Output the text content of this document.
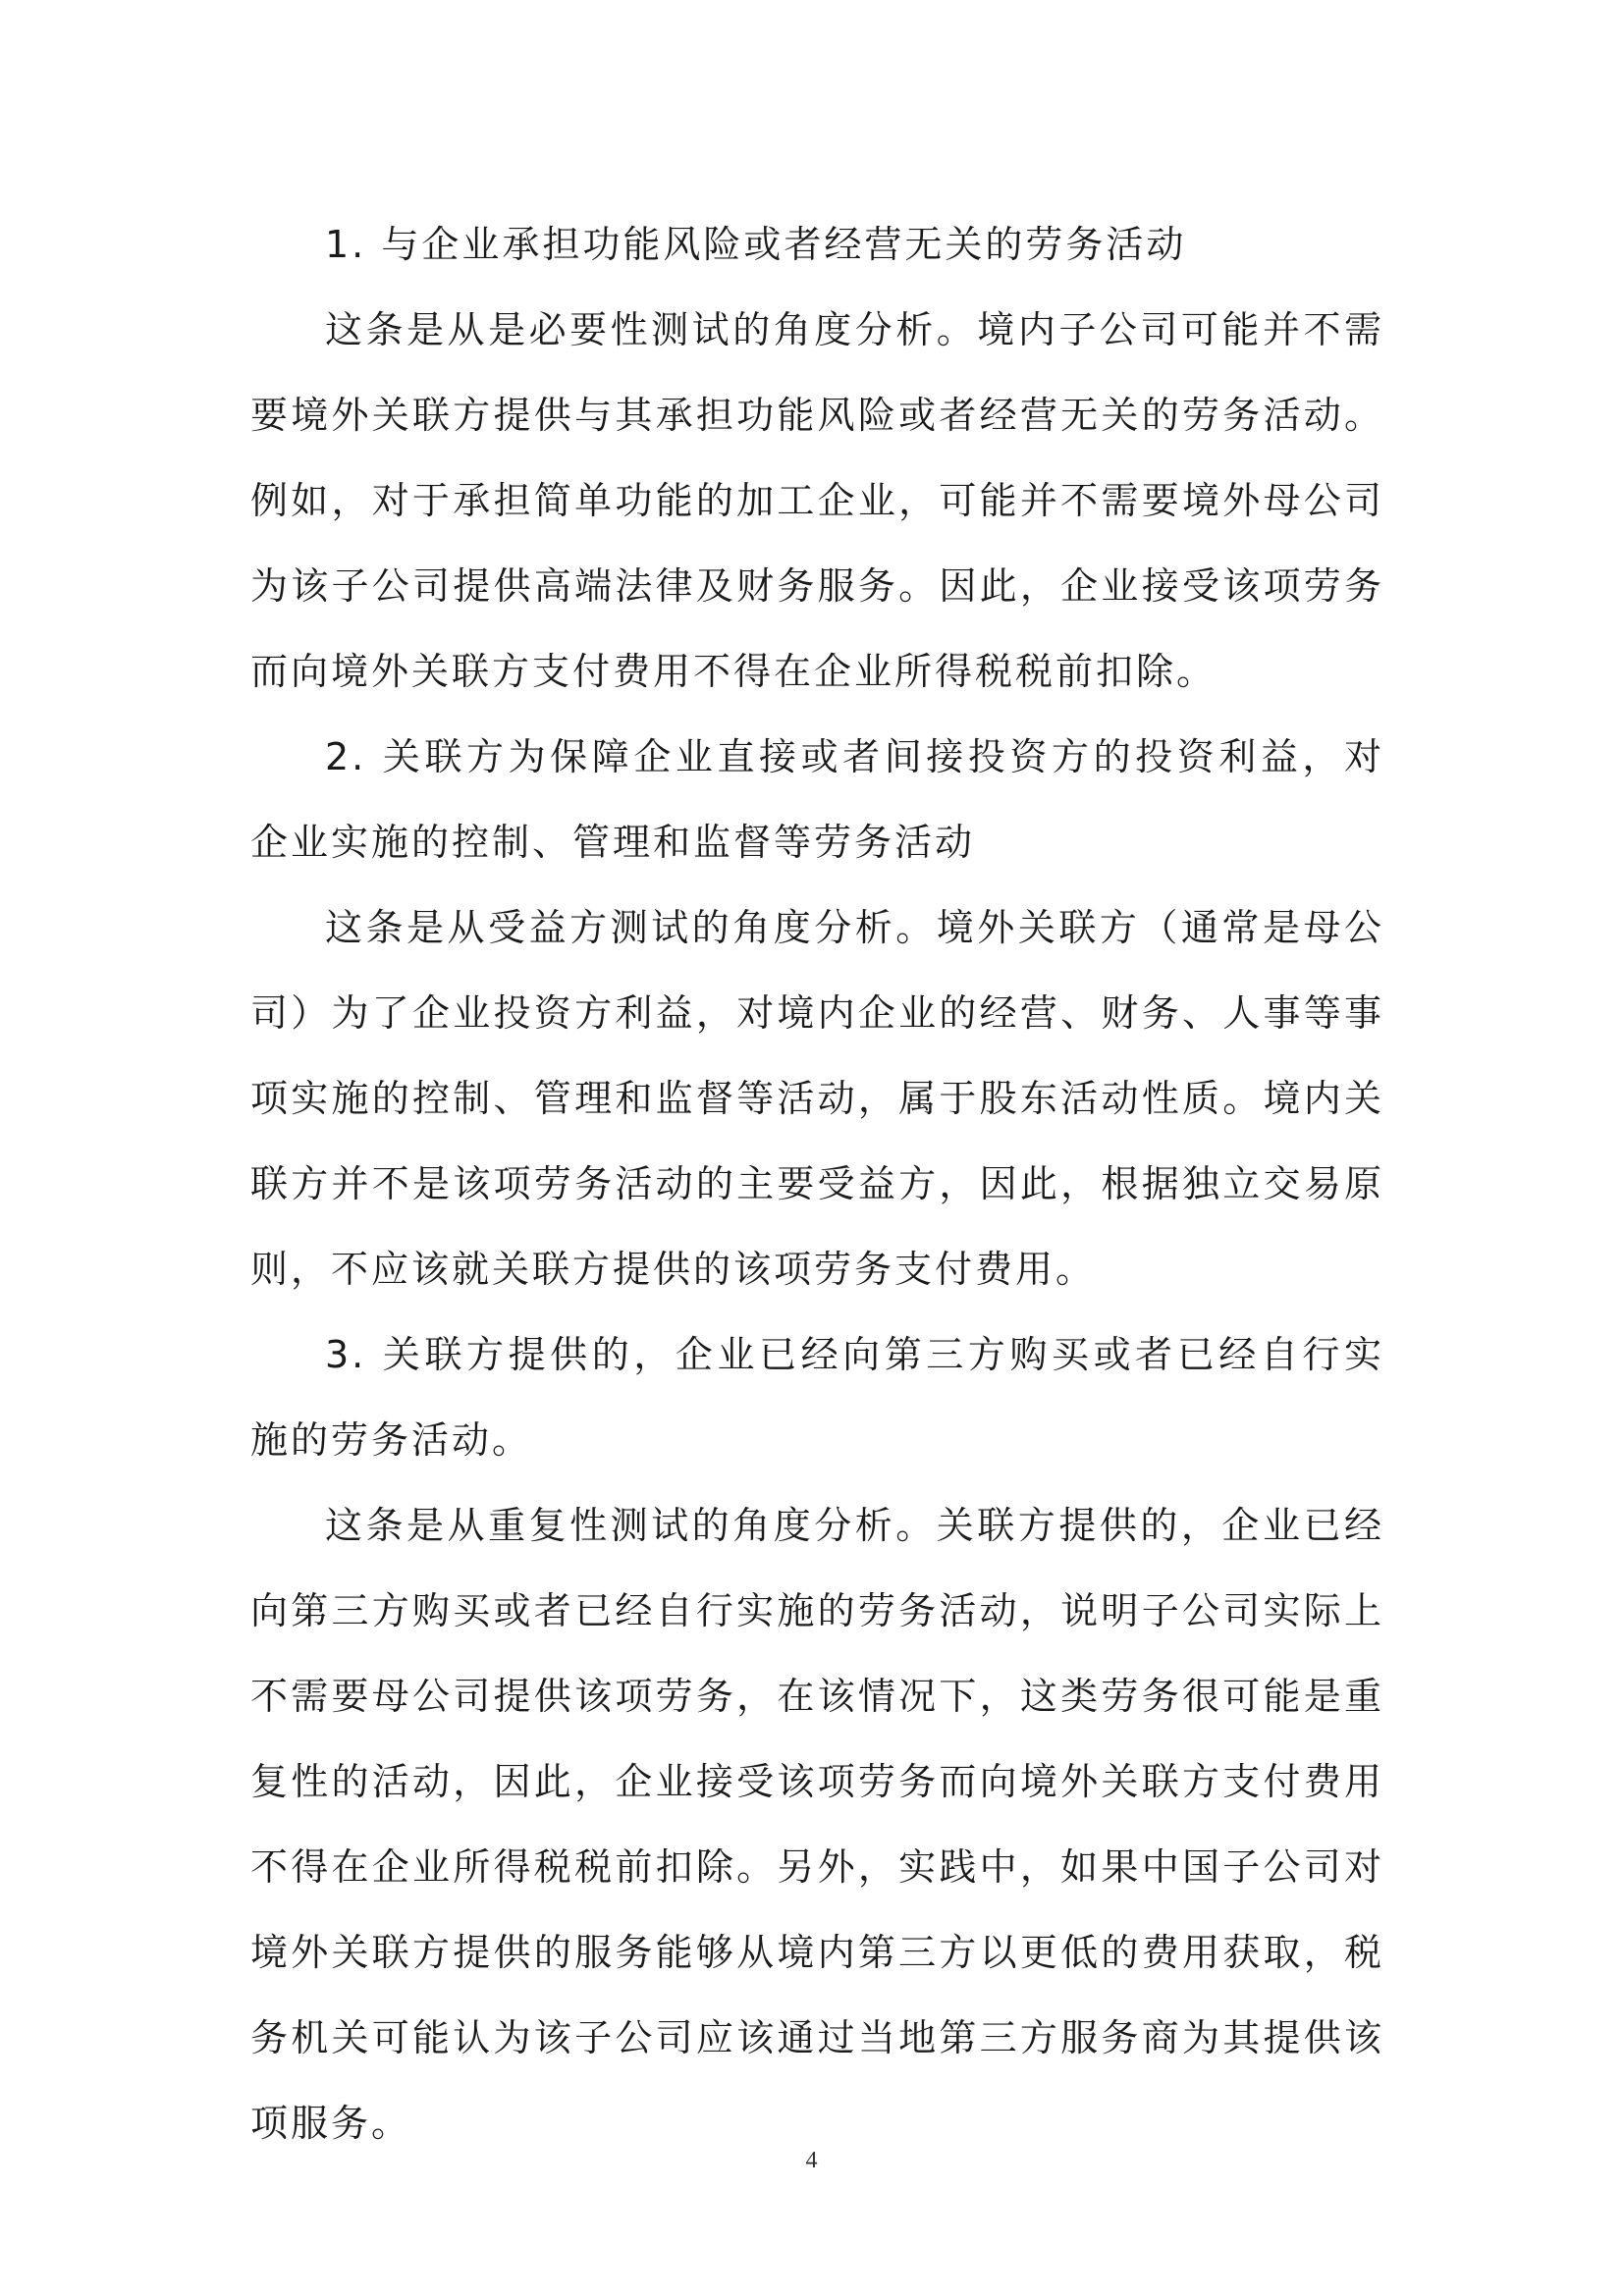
1. 与企业承担功能风险或者经营无关的劳务活动

这条是从是必要性测试的角度分析。境内子公司可能并不需要境外关联方提供与其承担功能风险或者经营无关的劳务活动。例如，对于承担简单功能的加工企业，可能并不需要境外母公司为该子公司提供高端法律及财务服务。因此，企业接受该项劳务而向境外关联方支付费用不得在企业所得税税前扣除。

2. 关联方为保障企业直接或者间接投资方的投资利益，对企业实施的控制、管理和监督等劳务活动

这条是从受益方测试的角度分析。境外关联方（通常是母公司）为了企业投资方利益，对境内企业的经营、财务、人事等事项实施的控制、管理和监督等活动，属于股东活动性质。境内关联方并不是该项劳务活动的主要受益方，因此，根据独立交易原则，不应该就关联方提供的该项劳务支付费用。

3. 关联方提供的，企业已经向第三方购买或者已经自行实施的劳务活动。

这条是从重复性测试的角度分析。关联方提供的，企业已经向第三方购买或者已经自行实施的劳务活动，说明子公司实际上不需要母公司提供该项劳务，在该情况下，这类劳务很可能是重复性的活动，因此，企业接受该项劳务而向境外关联方支付费用不得在企业所得税税前扣除。另外，实践中，如果中国子公司对境外关联方提供的服务能够从境内第三方以更低的费用获取，税务机关可能认为该子公司应该通过当地第三方服务商为其提供该项服务。

4
